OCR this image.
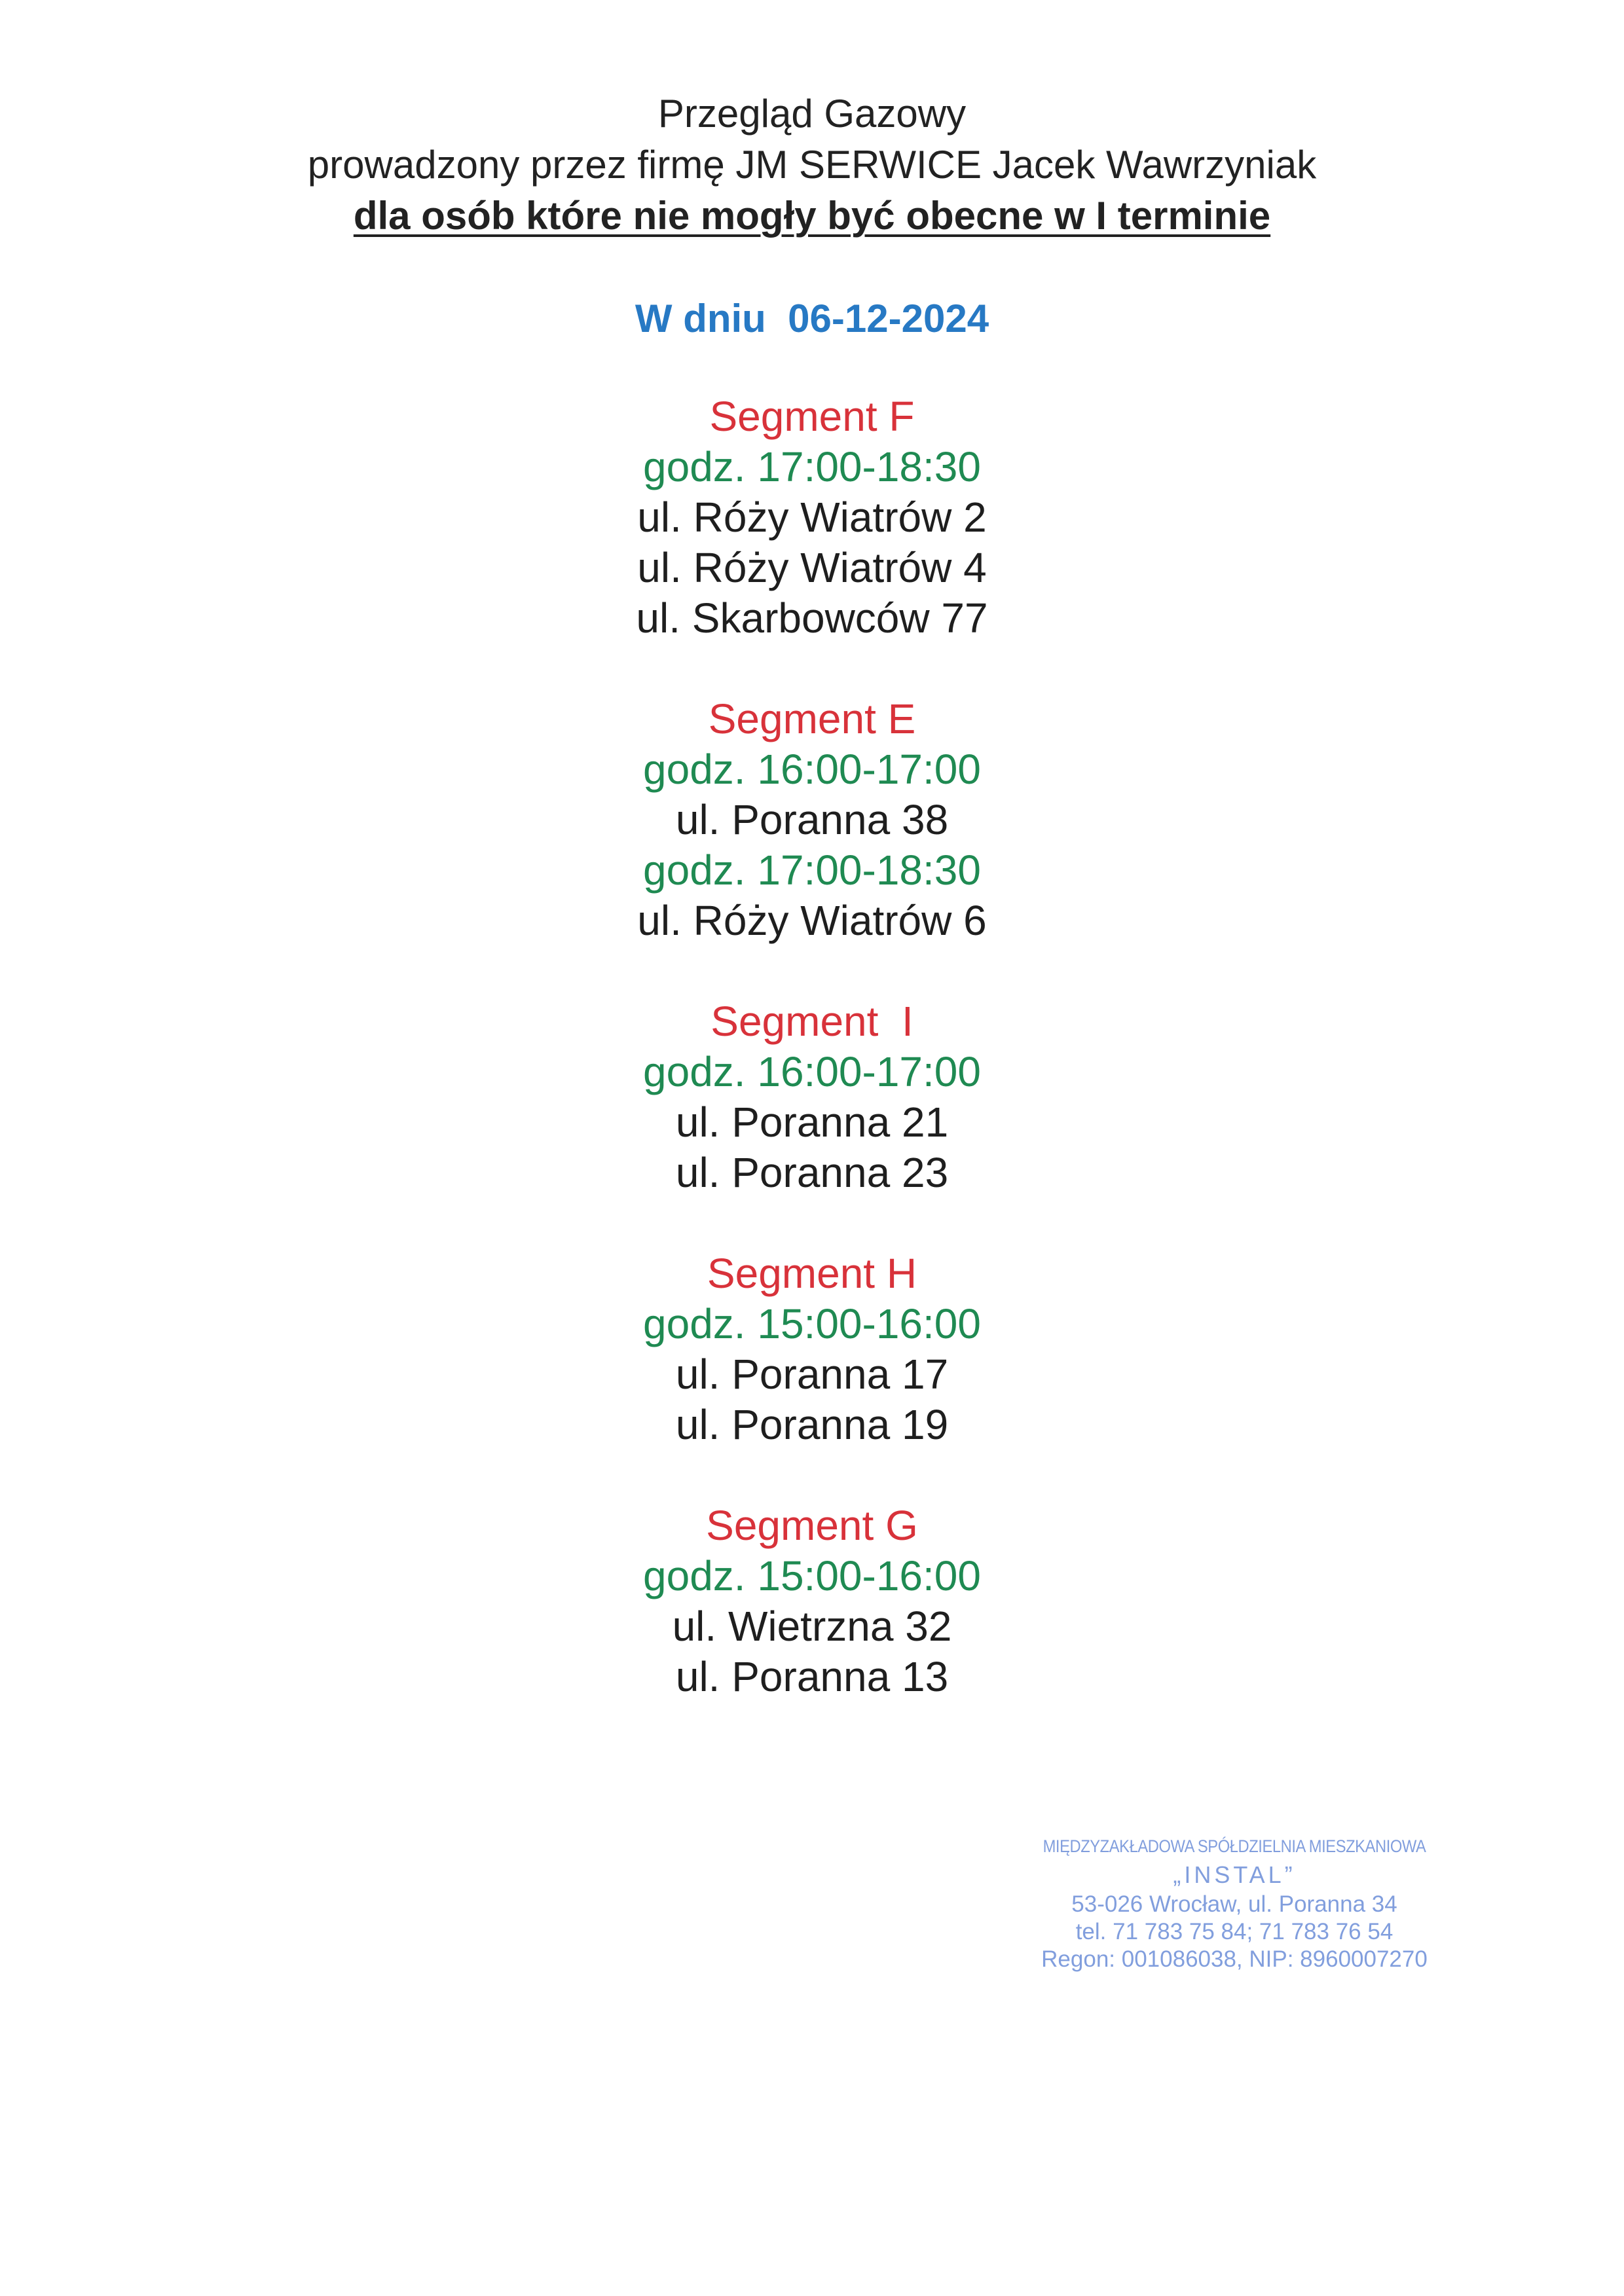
Przegląd Gazowy
prowadzony przez firmę JM SERWICE Jacek Wawrzyniak
dla osób które nie mogły być obecne w I terminie
W dniu  06-12-2024
Segment F
godz. 17:00-18:30
ul. Róży Wiatrów 2
ul. Róży Wiatrów 4
ul. Skarbowców 77
Segment E
godz. 16:00-17:00
ul. Poranna 38
godz. 17:00-18:30
ul. Róży Wiatrów 6
Segment  I
godz. 16:00-17:00
ul. Poranna 21
ul. Poranna 23
Segment H
godz. 15:00-16:00
ul. Poranna 17
ul. Poranna 19
Segment G
godz. 15:00-16:00
ul. Wietrzna 32
ul. Poranna 13
MIĘDZYZAKŁADOWA SPÓŁDZIELNIA MIESZKANIOWA
„INSTAL”
53-026 Wrocław, ul. Poranna 34
tel. 71 783 75 84; 71 783 76 54
Regon: 001086038, NIP: 8960007270
